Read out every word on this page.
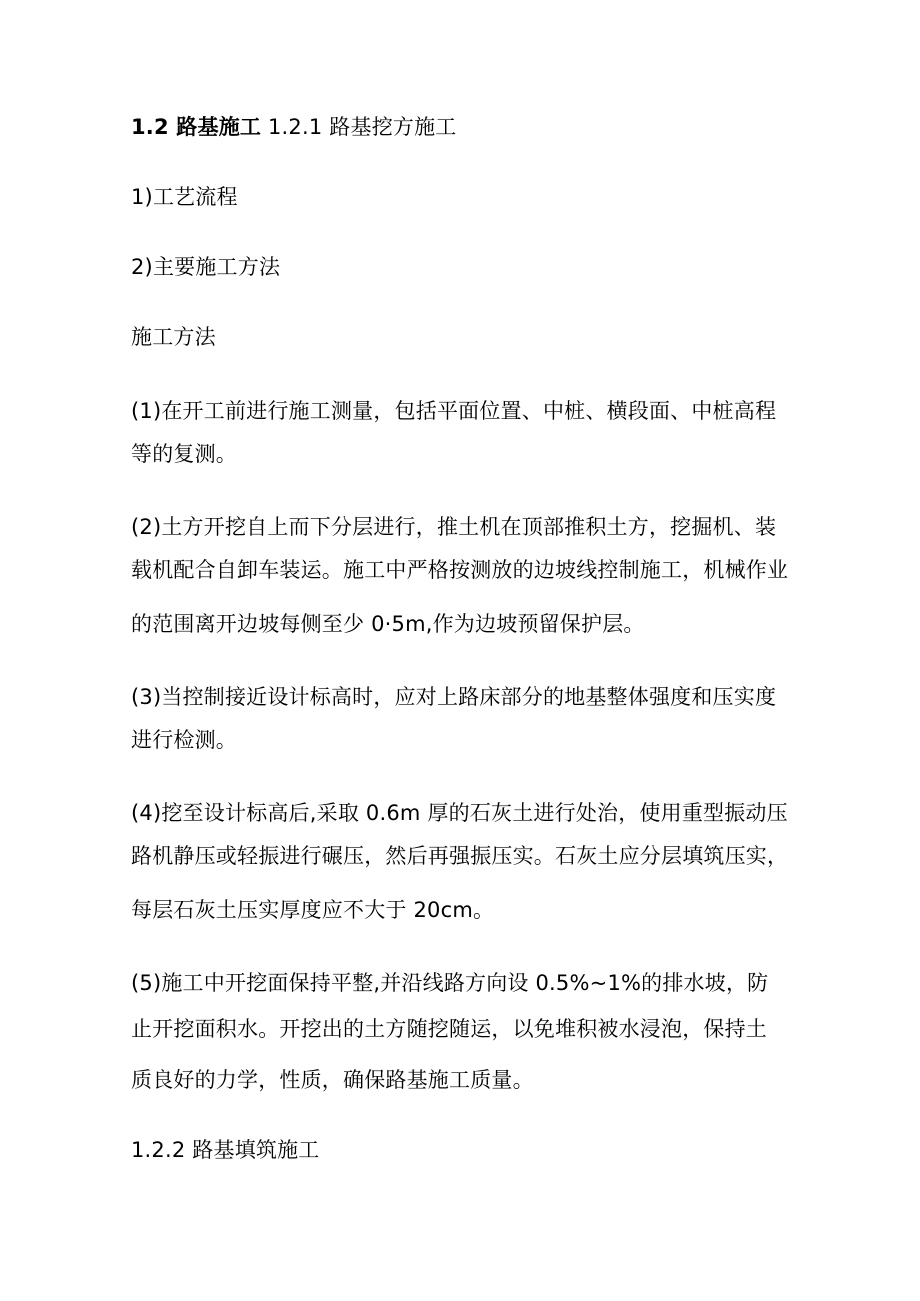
1.2 路基施工 1.2.1 路基挖方施工
1)工艺流程
2)主要施工方法
施工方法
(1)在开工前进行施工测量，包括平面位置、中桩、横段面、中桩高程
等的复测。
(2)土方开挖自上而下分层进行，推土机在顶部推积土方，挖掘机、装
载机配合自卸车装运。施工中严格按测放的边坡线控制施工，机械作业
的范围离开边坡每侧至少 0·5m,作为边坡预留保护层。
(3)当控制接近设计标高时，应对上路床部分的地基整体强度和压实度
进行检测。
(4)挖至设计标高后,采取 0.6m 厚的石灰土进行处治，使用重型振动压
路机静压或轻振进行碾压，然后再强振压实。石灰土应分层填筑压实，
每层石灰土压实厚度应不大于 20cm。
(5)施工中开挖面保持平整,并沿线路方向设 0.5%~1%的排水坡，防
止开挖面积水。开挖出的土方随挖随运，以免堆积被水浸泡，保持土
质良好的力学，性质，确保路基施工质量。
1.2.2 路基填筑施工
